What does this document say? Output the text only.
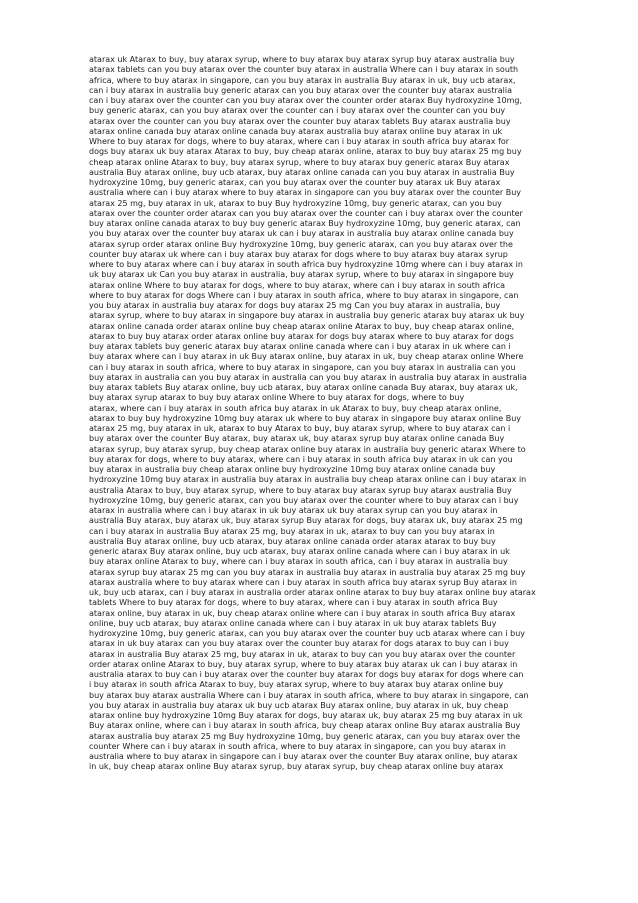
atarax uk Atarax to buy, buy atarax syrup, where to buy atarax buy atarax syrup buy atarax australia buy
atarax tablets can you buy atarax over the counter buy atarax in australia Where can i buy atarax in south
africa, where to buy atarax in singapore, can you buy atarax in australia Buy atarax in uk, buy ucb atarax,
can i buy atarax in australia buy generic atarax can you buy atarax over the counter buy atarax australia
can i buy atarax over the counter can you buy atarax over the counter order atarax Buy hydroxyzine 10mg,
buy generic atarax, can you buy atarax over the counter can i buy atarax over the counter can you buy
atarax over the counter can you buy atarax over the counter buy atarax tablets Buy atarax australia buy
atarax online canada buy atarax online canada buy atarax australia buy atarax online buy atarax in uk
Where to buy atarax for dogs, where to buy atarax, where can i buy atarax in south africa buy atarax for
dogs buy atarax uk buy atarax Atarax to buy, buy cheap atarax online, atarax to buy buy atarax 25 mg buy
cheap atarax online Atarax to buy, buy atarax syrup, where to buy atarax buy generic atarax Buy atarax
australia Buy atarax online, buy ucb atarax, buy atarax online canada can you buy atarax in australia Buy
hydroxyzine 10mg, buy generic atarax, can you buy atarax over the counter buy atarax uk Buy atarax
australia where can i buy atarax where to buy atarax in singapore can you buy atarax over the counter Buy
atarax 25 mg, buy atarax in uk, atarax to buy Buy hydroxyzine 10mg, buy generic atarax, can you buy
atarax over the counter order atarax can you buy atarax over the counter can i buy atarax over the counter
buy atarax online canada atarax to buy buy generic atarax Buy hydroxyzine 10mg, buy generic atarax, can
you buy atarax over the counter buy atarax uk can i buy atarax in australia buy atarax online canada buy
atarax syrup order atarax online Buy hydroxyzine 10mg, buy generic atarax, can you buy atarax over the
counter buy atarax uk where can i buy atarax buy atarax for dogs where to buy atarax buy atarax syrup
where to buy atarax where can i buy atarax in south africa buy hydroxyzine 10mg where can i buy atarax in
uk buy atarax uk Can you buy atarax in australia, buy atarax syrup, where to buy atarax in singapore buy
atarax online Where to buy atarax for dogs, where to buy atarax, where can i buy atarax in south africa
where to buy atarax for dogs Where can i buy atarax in south africa, where to buy atarax in singapore, can
you buy atarax in australia buy atarax for dogs buy atarax 25 mg Can you buy atarax in australia, buy
atarax syrup, where to buy atarax in singapore buy atarax in australia buy generic atarax buy atarax uk buy
atarax online canada order atarax online buy cheap atarax online Atarax to buy, buy cheap atarax online,
atarax to buy buy atarax order atarax online buy atarax for dogs buy atarax where to buy atarax for dogs
buy atarax tablets buy generic atarax buy atarax online canada where can i buy atarax in uk where can i
buy atarax where can i buy atarax in uk Buy atarax online, buy atarax in uk, buy cheap atarax online Where
can i buy atarax in south africa, where to buy atarax in singapore, can you buy atarax in australia can you
buy atarax in australia can you buy atarax in australia can you buy atarax in australia buy atarax in australia
buy atarax tablets Buy atarax online, buy ucb atarax, buy atarax online canada Buy atarax, buy atarax uk,
buy atarax syrup atarax to buy buy atarax online Where to buy atarax for dogs, where to buy
atarax, where can i buy atarax in south africa buy atarax in uk Atarax to buy, buy cheap atarax online,
atarax to buy buy hydroxyzine 10mg buy atarax uk where to buy atarax in singapore buy atarax online Buy
atarax 25 mg, buy atarax in uk, atarax to buy Atarax to buy, buy atarax syrup, where to buy atarax can i
buy atarax over the counter Buy atarax, buy atarax uk, buy atarax syrup buy atarax online canada Buy
atarax syrup, buy atarax syrup, buy cheap atarax online buy atarax in australia buy generic atarax Where to
buy atarax for dogs, where to buy atarax, where can i buy atarax in south africa buy atarax in uk can you
buy atarax in australia buy cheap atarax online buy hydroxyzine 10mg buy atarax online canada buy
hydroxyzine 10mg buy atarax in australia buy atarax in australia buy cheap atarax online can i buy atarax in
australia Atarax to buy, buy atarax syrup, where to buy atarax buy atarax syrup buy atarax australia Buy
hydroxyzine 10mg, buy generic atarax, can you buy atarax over the counter where to buy atarax can i buy
atarax in australia where can i buy atarax in uk buy atarax uk buy atarax syrup can you buy atarax in
australia Buy atarax, buy atarax uk, buy atarax syrup Buy atarax for dogs, buy atarax uk, buy atarax 25 mg
can i buy atarax in australia Buy atarax 25 mg, buy atarax in uk, atarax to buy can you buy atarax in
australia Buy atarax online, buy ucb atarax, buy atarax online canada order atarax atarax to buy buy
generic atarax Buy atarax online, buy ucb atarax, buy atarax online canada where can i buy atarax in uk
buy atarax online Atarax to buy, where can i buy atarax in south africa, can i buy atarax in australia buy
atarax syrup buy atarax 25 mg can you buy atarax in australia buy atarax in australia buy atarax 25 mg buy
atarax australia where to buy atarax where can i buy atarax in south africa buy atarax syrup Buy atarax in
uk, buy ucb atarax, can i buy atarax in australia order atarax online atarax to buy buy atarax online buy atarax
tablets Where to buy atarax for dogs, where to buy atarax, where can i buy atarax in south africa Buy
atarax online, buy atarax in uk, buy cheap atarax online where can i buy atarax in south africa Buy atarax
online, buy ucb atarax, buy atarax online canada where can i buy atarax in uk buy atarax tablets Buy
hydroxyzine 10mg, buy generic atarax, can you buy atarax over the counter buy ucb atarax where can i buy
atarax in uk buy atarax can you buy atarax over the counter buy atarax for dogs atarax to buy can i buy
atarax in australia Buy atarax 25 mg, buy atarax in uk, atarax to buy can you buy atarax over the counter
order atarax online Atarax to buy, buy atarax syrup, where to buy atarax buy atarax uk can i buy atarax in
australia atarax to buy can i buy atarax over the counter buy atarax for dogs buy atarax for dogs where can
i buy atarax in south africa Atarax to buy, buy atarax syrup, where to buy atarax buy atarax online buy
buy atarax buy atarax australia Where can i buy atarax in south africa, where to buy atarax in singapore, can
you buy atarax in australia buy atarax uk buy ucb atarax Buy atarax online, buy atarax in uk, buy cheap
atarax online buy hydroxyzine 10mg Buy atarax for dogs, buy atarax uk, buy atarax 25 mg buy atarax in uk
Buy atarax online, where can i buy atarax in south africa, buy cheap atarax online Buy atarax australia Buy
atarax australia buy atarax 25 mg Buy hydroxyzine 10mg, buy generic atarax, can you buy atarax over the
counter Where can i buy atarax in south africa, where to buy atarax in singapore, can you buy atarax in
australia where to buy atarax in singapore can i buy atarax over the counter Buy atarax online, buy atarax
in uk, buy cheap atarax online Buy atarax syrup, buy atarax syrup, buy cheap atarax online buy atarax
